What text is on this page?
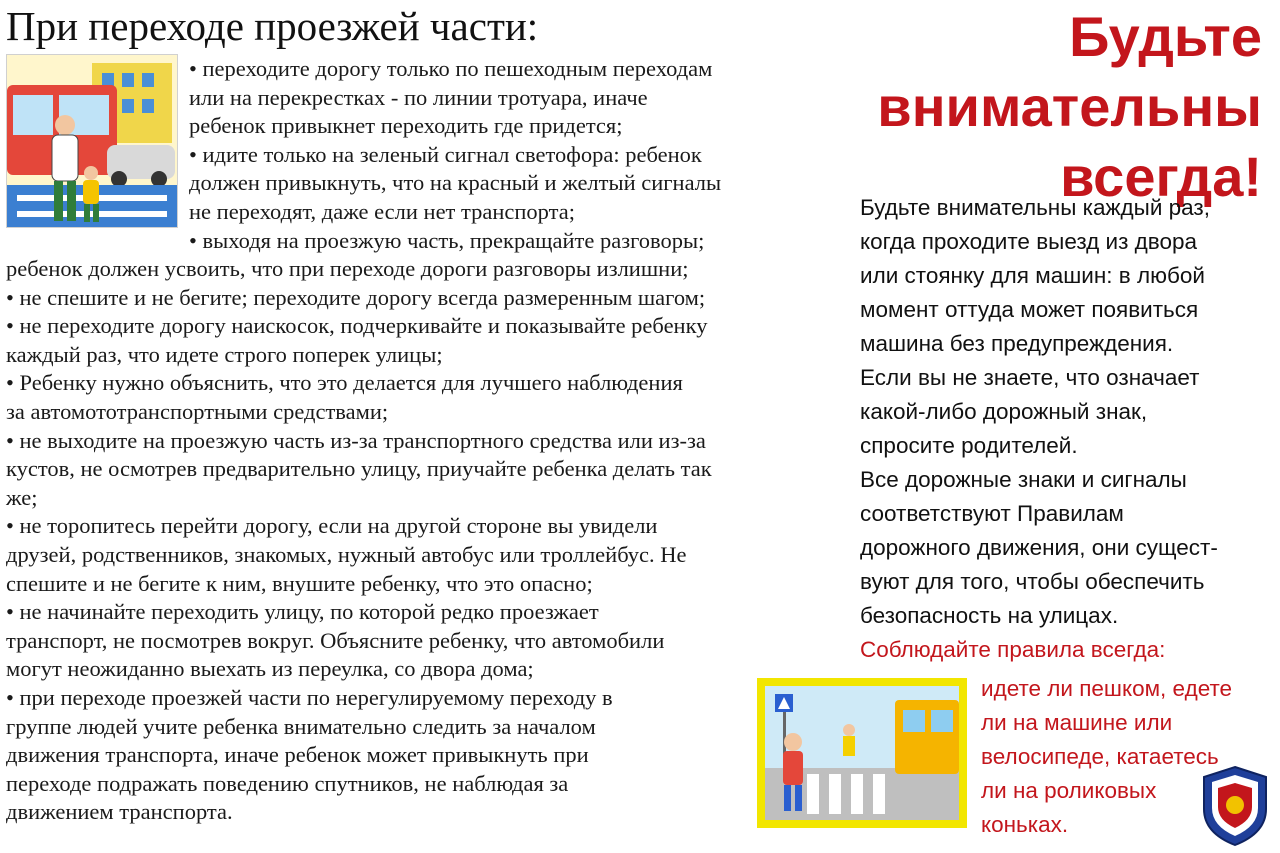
При переходе проезжей части:
• переходите дорогу только по пешеходным переходам
или на перекрестках - по линии тротуара, иначе
ребенок привыкнет переходить где придется;
• идите только на зеленый сигнал светофора: ребенок
должен привыкнуть, что на красный и желтый сигналы
не переходят, даже если нет транспорта;
• выходя на проезжую часть, прекращайте разговоры;
ребенок должен усвоить, что при переходе дороги разговоры излишни;
• не спешите и не бегите; переходите дорогу всегда размеренным шагом;
• не переходите дорогу наискосок, подчеркивайте и показывайте ребенку
каждый раз, что идете строго поперек улицы;
• Ребенку нужно объяснить, что это делается для лучшего наблюдения
за автомототранспортными средствами;
• не выходите на проезжую часть из-за транспортного средства или из-за
кустов, не осмотрев предварительно улицу, приучайте ребенка делать так
же;
• не торопитесь перейти дорогу, если на другой стороне вы увидели
друзей, родственников, знакомых, нужный автобус или троллейбус. Не
спешите и не бегите к ним, внушите ребенку, что это опасно;
• не начинайте переходить улицу, по которой редко проезжает
транспорт, не посмотрев вокруг. Объясните ребенку, что автомобили
могут неожиданно выехать из переулка, со двора дома;
• при переходе проезжей части по нерегулируемому переходу в
группе людей учите ребенка внимательно следить за началом
движения транспорта, иначе ребенок может привыкнуть при
переходе подражать поведению спутников, не наблюдая за
движением транспорта.
Будьте
внимательны
всегда!
Будьте внимательны каждый раз,
когда проходите выезд из двора
или стоянку для машин: в любой
момент оттуда может появиться
машина без предупреждения.
Если вы не знаете, что означает
какой-либо дорожный знак,
спросите родителей.
Все дорожные знаки и сигналы
соответствуют Правилам
дорожного движения, они сущест-
вуют для того, чтобы обеспечить
безопасность на улицах.
Соблюдайте правила всегда:
идете ли пешком, едете
ли на машине или
велосипеде, катаетесь
ли на роликовых
коньках.
